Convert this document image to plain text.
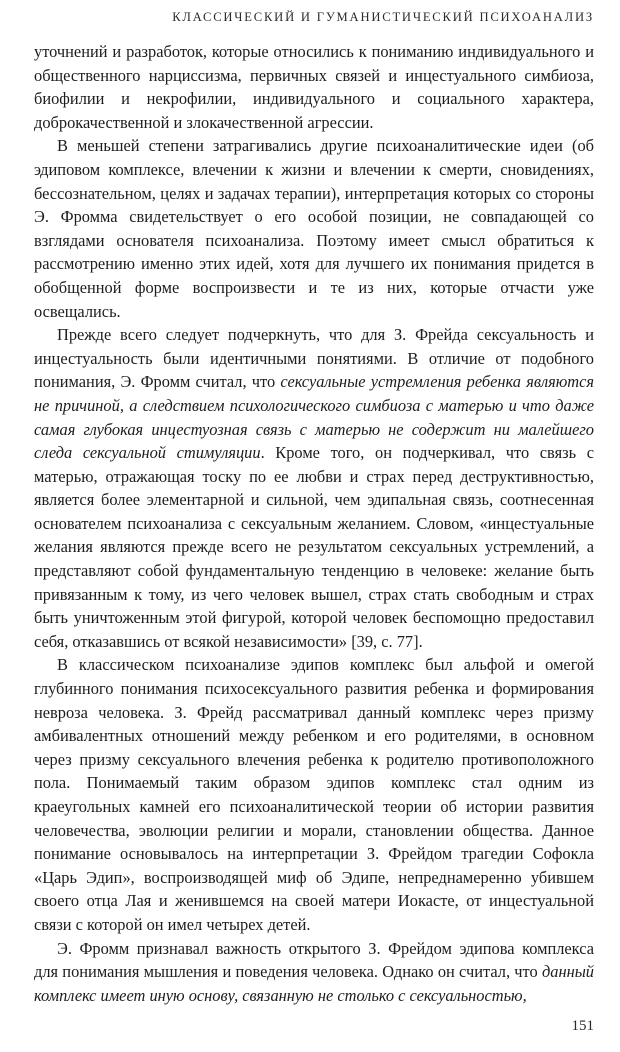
КЛАССИЧЕСКИЙ И ГУМАНИСТИЧЕСКИЙ ПСИХОАНАЛИЗ

уточнений и разработок, которые относились к пониманию индивидуального и общественного нарциссизма, первичных связей и инцестуального симбиоза, биофилии и некрофилии, индивидуального и социального характера, доброкачественной и злокачественной агрессии.

В меньшей степени затрагивались другие психоаналитические идеи (об эдиповом комплексе, влечении к жизни и влечении к смерти, сновидениях, бессознательном, целях и задачах терапии), интерпретация которых со стороны Э. Фромма свидетельствует о его особой позиции, не совпадающей со взглядами основателя психоанализа. Поэтому имеет смысл обратиться к рассмотрению именно этих идей, хотя для лучшего их понимания придется в обобщенной форме воспроизвести и те из них, которые отчасти уже освещались.

Прежде всего следует подчеркнуть, что для З. Фрейда сексуальность и инцестуальность были идентичными понятиями. В отличие от подобного понимания, Э. Фромм считал, что сексуальные устремления ребенка являются не причиной, а следствием психологического симбиоза с матерью и что даже самая глубокая инцестуозная связь с матерью не содержит ни малейшего следа сексуальной стимуляции. Кроме того, он подчеркивал, что связь с матерью, отражающая тоску по ее любви и страх перед деструктивностью, является более элементарной и сильной, чем эдипальная связь, соотнесенная основателем психоанализа с сексуальным желанием. Словом, «инцестуальные желания являются прежде всего не результатом сексуальных устремлений, а представляют собой фундаментальную тенденцию в человеке: желание быть привязанным к тому, из чего человек вышел, страх стать свободным и страх быть уничтоженным этой фигурой, которой человек беспомощно предоставил себя, отказавшись от всякой независимости» [39, с. 77].

В классическом психоанализе эдипов комплекс был альфой и омегой глубинного понимания психосексуального развития ребенка и формирования невроза человека. З. Фрейд рассматривал данный комплекс через призму амбивалентных отношений между ребенком и его родителями, в основном через призму сексуального влечения ребенка к родителю противоположного пола. Понимаемый таким образом эдипов комплекс стал одним из краеугольных камней его психоаналитической теории об истории развития человечества, эволюции религии и морали, становлении общества. Данное понимание основывалось на интерпретации З. Фрейдом трагедии Софокла «Царь Эдип», воспроизводящей миф об Эдипе, непреднамеренно убившем своего отца Лая и женившемся на своей матери Иокасте, от инцестуальной связи с которой он имел четырех детей.

Э. Фромм признавал важность открытого З. Фрейдом эдипова комплекса для понимания мышления и поведения человека. Однако он считал, что данный комплекс имеет иную основу, связанную не столько с сексуальностью,

151
